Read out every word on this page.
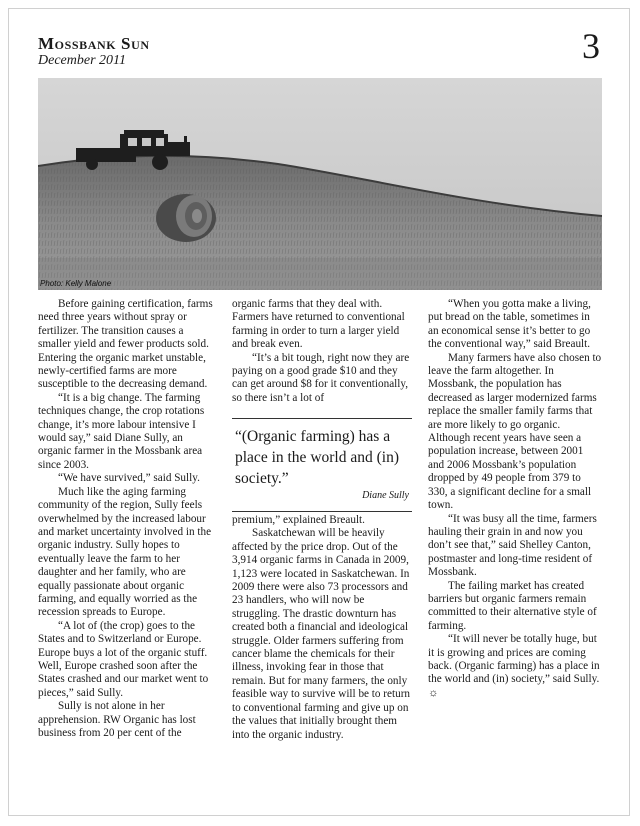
Mossbank Sun
December 2011	3
Photo: Kelly Malone

Before gaining certification, farms need three years without spray or fertilizer. The transition causes a smaller yield and fewer products sold. Entering the organic market unstable, newly-certified farms are more susceptible to the decreasing demand.

“It is a big change. The farming techniques change, the crop rotations change, it’s more labour intensive I would say,” said Diane Sully, an organic farmer in the Mossbank area since 2003.

“We have survived,” said Sully.

Much like the aging farming community of the region, Sully feels overwhelmed by the increased labour and market uncertainty involved in the organic industry. Sully hopes to eventually leave the farm to her daughter and her family, who are equally passionate about organic farming, and equally worried as the recession spreads to Europe.

“A lot of (the crop) goes to the States and to Switzerland or Europe. Europe buys a lot of the organic stuff. Well, Europe crashed soon after the States crashed and our market went to pieces,” said Sully.

Sully is not alone in her apprehension. RW Organic has lost business from 20 per cent of the

organic farms that they deal with. Farmers have returned to conventional farming in order to turn a larger yield and break even.

“It’s a bit tough, right now they are paying on a good grade $10 and they can get around $8 for it conventionally, so there isn’t a lot of

“(Organic farming) has a place in the world and (in) society.”
Diane Sully

premium,” explained Breault.

Saskatchewan will be heavily affected by the price drop. Out of the 3,914 organic farms in Canada in 2009, 1,123 were located in Saskatchewan. In 2009 there were also 73 processors and 23 handlers, who will now be struggling. The drastic downturn has created both a financial and ideological struggle. Older farmers suffering from cancer blame the chemicals for their illness, invoking fear in those that remain. But for many farmers, the only feasible way to survive will be to return to conventional farming and give up on the values that initially brought them into the organic industry.

“When you gotta make a living, put bread on the table, sometimes in an economical sense it’s better to go the conventional way,” said Breault.

Many farmers have also chosen to leave the farm altogether. In Mossbank, the population has decreased as larger modernized farms replace the smaller family farms that are more likely to go organic. Although recent years have seen a population increase, between 2001 and 2006 Mossbank’s population dropped by 49 people from 379 to 330, a significant decline for a small town.

“It was busy all the time, farmers hauling their grain in and now you don’t see that,” said Shelley Canton, postmaster and long-time resident of Mossbank.

The failing market has created barriers but organic farmers remain committed to their alternative style of farming.

“It will never be totally huge, but it is growing and prices are coming back. (Organic farming) has a place in the world and (in) society,” said Sully. ☼
